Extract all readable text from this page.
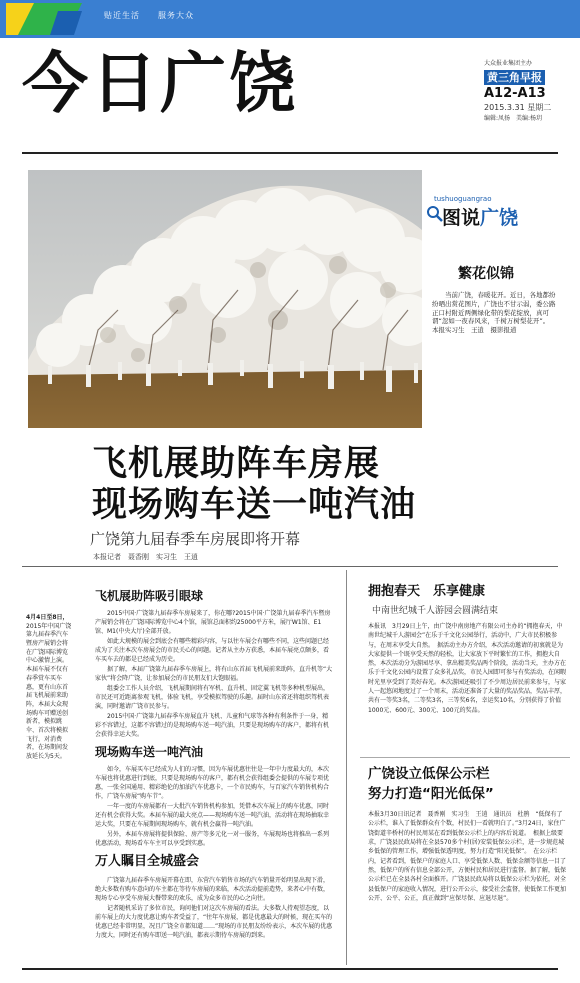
贴近生活　　服务大众
今日广饶	大众报业集团主办
黄三角早报
A12-A13
2015.3.31 星期二
编辑:凤扬　美编:杨玥
tushuoguangrao
图说广饶
繁花似锦
当前广饶，春暖花开。近日，各地都纷纷晒出赏花图片，广饶也不甘示弱，委公路正口村附近两侧绿化带的梨花绽放，真可谓“忽如一夜春风来，千树万树梨花开”。　本报实习生　王逍　摄影报道
飞机展助阵车房展
现场购车送一吨汽油
广饶第九届春季车房展即将开幕
本报记者　聂香刚　实习生　王逍
4月4日至8日，
2015年中国广饶第九届春季汽车暨房产展销会将在广饶国际博览中心激情上演。本届车展不仅有春季赏车买车惠，更有山东首届飞机展前来助阵，本届大众现场购车可赠送创新者，模拟跳伞、首次将模拟飞行，对消费者，在场期间发放延长为5天。
飞机展助阵吸引眼球
2015中国·广饶第九届春季车房展来了，你在哪?2015中国·广饶第九届春季汽车暨房产展销会将在广饶国际博览中心4个馆，展馆总面积约25000平方米，展厅W1馆、E1馆、M1(中央大厅)全部开放。
如此大规模的展会到底会有哪些精彩内容，与以往车展会有哪些不同，这些问题已经成为了关注本次车房展会的市民关心的问题。记者从主办方获悉，本届车展亮点颇多，看车买车去的都是已经成为历史。
据了解，本届广饶第九届春季车房展上，将有山东首届飞机展前来助阵，直升机等“大家伙”将会降广饶，让参加展会的市民朋友们大饱眼福。
组委会工作人员介绍，飞机展期间将有军机、直升机、固定翼飞机等多种机型展出，市民还可近距离参观飞机，体验飞机，享受模拟驾驶的乐趣。届时山东省还将组织驾机表演，同时邀请广饶市民参与。
2015中国·广饶第九届春季车房展直升飞机、儿童和气球等各种有利条件于一身，精彩不容错过，这都不容错过的是现场购车送一吨汽油，只要是现场购车的客户，都将有机会获得幸运大奖。
现场购车送一吨汽油
如今，车展买车已经成为人们的习惯，因为车展优惠往往是一年中力度最大的，本次车展也将优惠进行到底，只要是现场购车的客户，都有机会获得组委会提供的车展专项优惠，一张全国通用、精彩绝伦的加油汽车优惠卡，一个市民购车，与百家汽车销售机构合作，广饶车房展“购车节”。
一年一度的车房展都有一大批汽车销售机构参加，凭借本次车展上的购车优惠，同时还有机会获得大奖。本届车展的最大亮点——现场购车送一吨汽油，活动将在现场抽取幸运大奖，只要在车展期间现场购车，就有机会赢得一吨汽油。
另外，本届车房展将提供保险、房产等多元化一对一服务，车展现场也将推出一系列优惠活动，现场看车车主可以享受到实惠。
万人瞩目全城盛会
广饶第九届春季车房展开幕在即，东营汽车销售市场的汽车销量开始明显出现下滑，绝大多数有购车意向的车主都在等待车房展的来临，本次活动提前造势，来者心中有数，现场专心享受车房展大餐带来的欢乐，成为众多市民的心之向往。
记者随机采访了多位市民，询问他们对这次车房展的看法。大多数人持观望态度，以前车展上的大力度优惠让购车者受益了，“往年车房展，都是优惠最大的时候，现在买车的优惠已经非常明显，况且广饶全市都知道……”现场的市民朋友纷纷表示，本次车展的优惠力度大，同时还有购车即送一吨汽油，都表示期待车房展的到来。
拥抱春天　乐享健康
中南世纪城千人游园会圆满结束
本报讯　3月29日上午，由广饶中南房地产有限公司主办的“拥抱春天，中南世纪城千人游园会”在乐于千文化公园举行，活动中，广大市民积极参与，在周末享受大自然。　据活动主办方介绍，本次活动邀请的初衷就是为大家提供一个既享受天然的轻松，让大家放下平时繁忙的工作，拥抱大自然，本次活动分为游园尽享、拿出精美奖品两个阶段，活动当天，主办方在乐于千文化公园内设置了众多礼品奖，市民入园即可参与有奖活动，在闲暇时光里享受到了美好春光。本次游园还吸引了不少周边居民前来参与，与家人一起悠闲地度过了一个周末，活动还准备了大量的奖品奖品，奖品丰厚，共有一等奖3名，二等奖3名，三等奖6名，幸运奖10名，分别获得了价值1000元、600元、300元、100元的奖品。
广饶设立低保公示栏
努力打造“阳光低保”
本报3月30日讯记者　聂香刚　实习生　王逍　通讯员　杜鹃　“低保有了公示栏，谁入了低保群众有个数，村民们一看就明白了。”3月24日，家住广饶街道辛桥村的村民周某在看到低保公示栏上的内容后说道。　根据上级要求，广饶县民政局将在全县570多个村(居)安装低保公示栏，进一步规范城乡低保的管理工作，增强低保透明度，努力打造“阳光低保”。　在公示栏内，记者看到，低保户的家庭人口、享受低保人数、低保金额等信息一目了然，低保户的所有信息全部公开，方便村民和居民进行监督。据了解，低保公示栏已在全县各村全面推开。广饶县民政局将以低保公示栏为依托，对全县低保户的家庭收入情况，进行公开公示，接受社会监督，使低保工作更加公开、公平、公正，真正做到“应保尽保、应退尽退”。
